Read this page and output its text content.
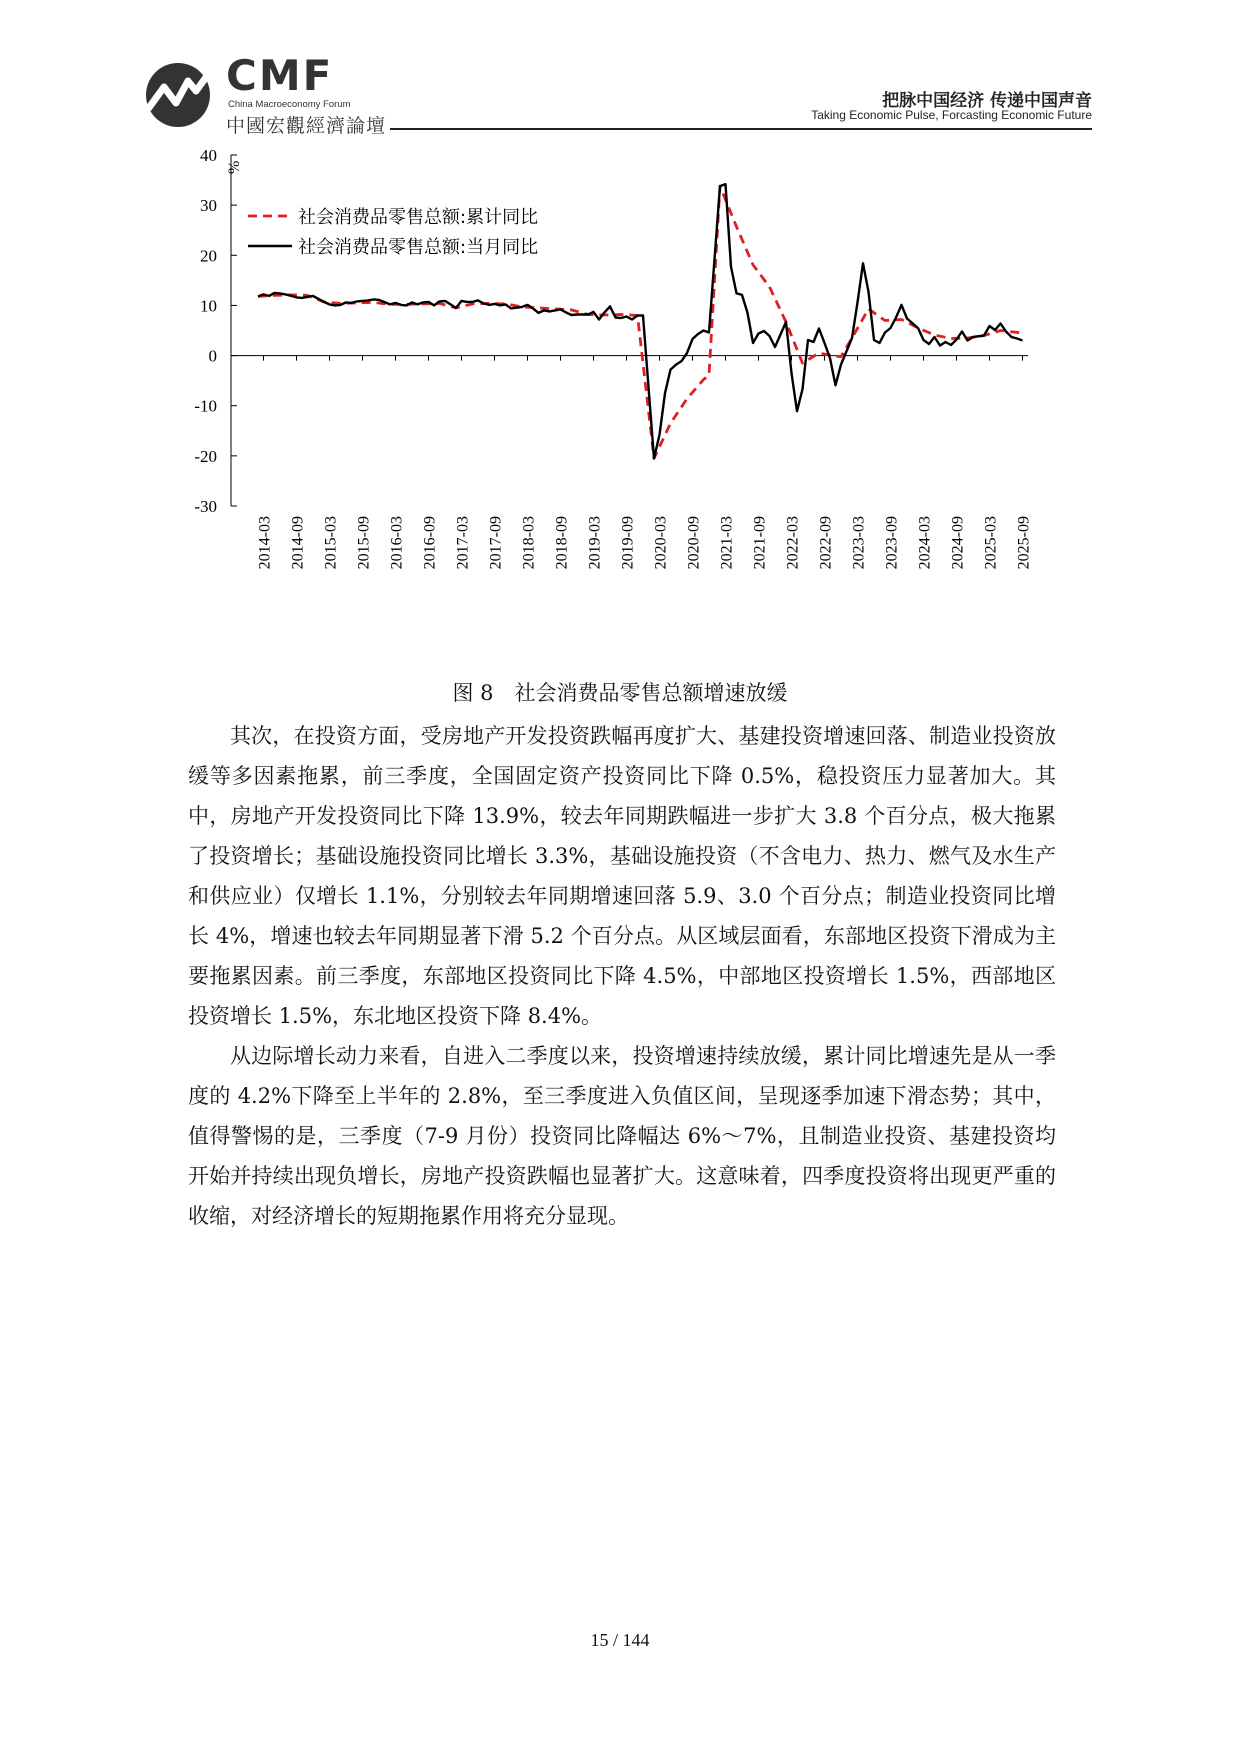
CMF
China Macroeconomy Forum
中國宏觀經濟論壇
把脉中国经济 传递中国声音
Taking Economic Pulse, Forcasting Economic Future
40
30
20
10
0
-10
-20
-30
%
2014-03 2014-09 2015-03 2015-09 2016-03 2016-09 2017-03 2017-09 2018-03 2018-09 2019-03 2019-09 2020-03 2020-09 2021-03 2021-09 2022-03 2022-09 2023-03 2023-09 2024-03 2024-09 2025-03 2025-09
社会消费品零售总额:累计同比
社会消费品零售总额:当月同比
图 8　社会消费品零售总额增速放缓

其次，在投资方面，受房地产开发投资跌幅再度扩大、基建投资增速回落、制造业投资放缓等多因素拖累，前三季度，全国固定资产投资同比下降 0.5%，稳投资压力显著加大。其中，房地产开发投资同比下降 13.9%，较去年同期跌幅进一步扩大 3.8 个百分点，极大拖累了投资增长；基础设施投资同比增长 3.3%，基础设施投资（不含电力、热力、燃气及水生产和供应业）仅增长 1.1%，分别较去年同期增速回落 5.9、3.0 个百分点；制造业投资同比增长 4%，增速也较去年同期显著下滑 5.2 个百分点。从区域层面看，东部地区投资下滑成为主要拖累因素。前三季度，东部地区投资同比下降 4.5%，中部地区投资增长 1.5%，西部地区投资增长 1.5%，东北地区投资下降 8.4%。

从边际增长动力来看，自进入二季度以来，投资增速持续放缓，累计同比增速先是从一季度的 4.2%下降至上半年的 2.8%，至三季度进入负值区间，呈现逐季加速下滑态势；其中，值得警惕的是，三季度（7-9 月份）投资同比降幅达 6%～7%，且制造业投资、基建投资均开始并持续出现负增长，房地产投资跌幅也显著扩大。这意味着，四季度投资将出现更严重的收缩，对经济增长的短期拖累作用将充分显现。

15 / 144
